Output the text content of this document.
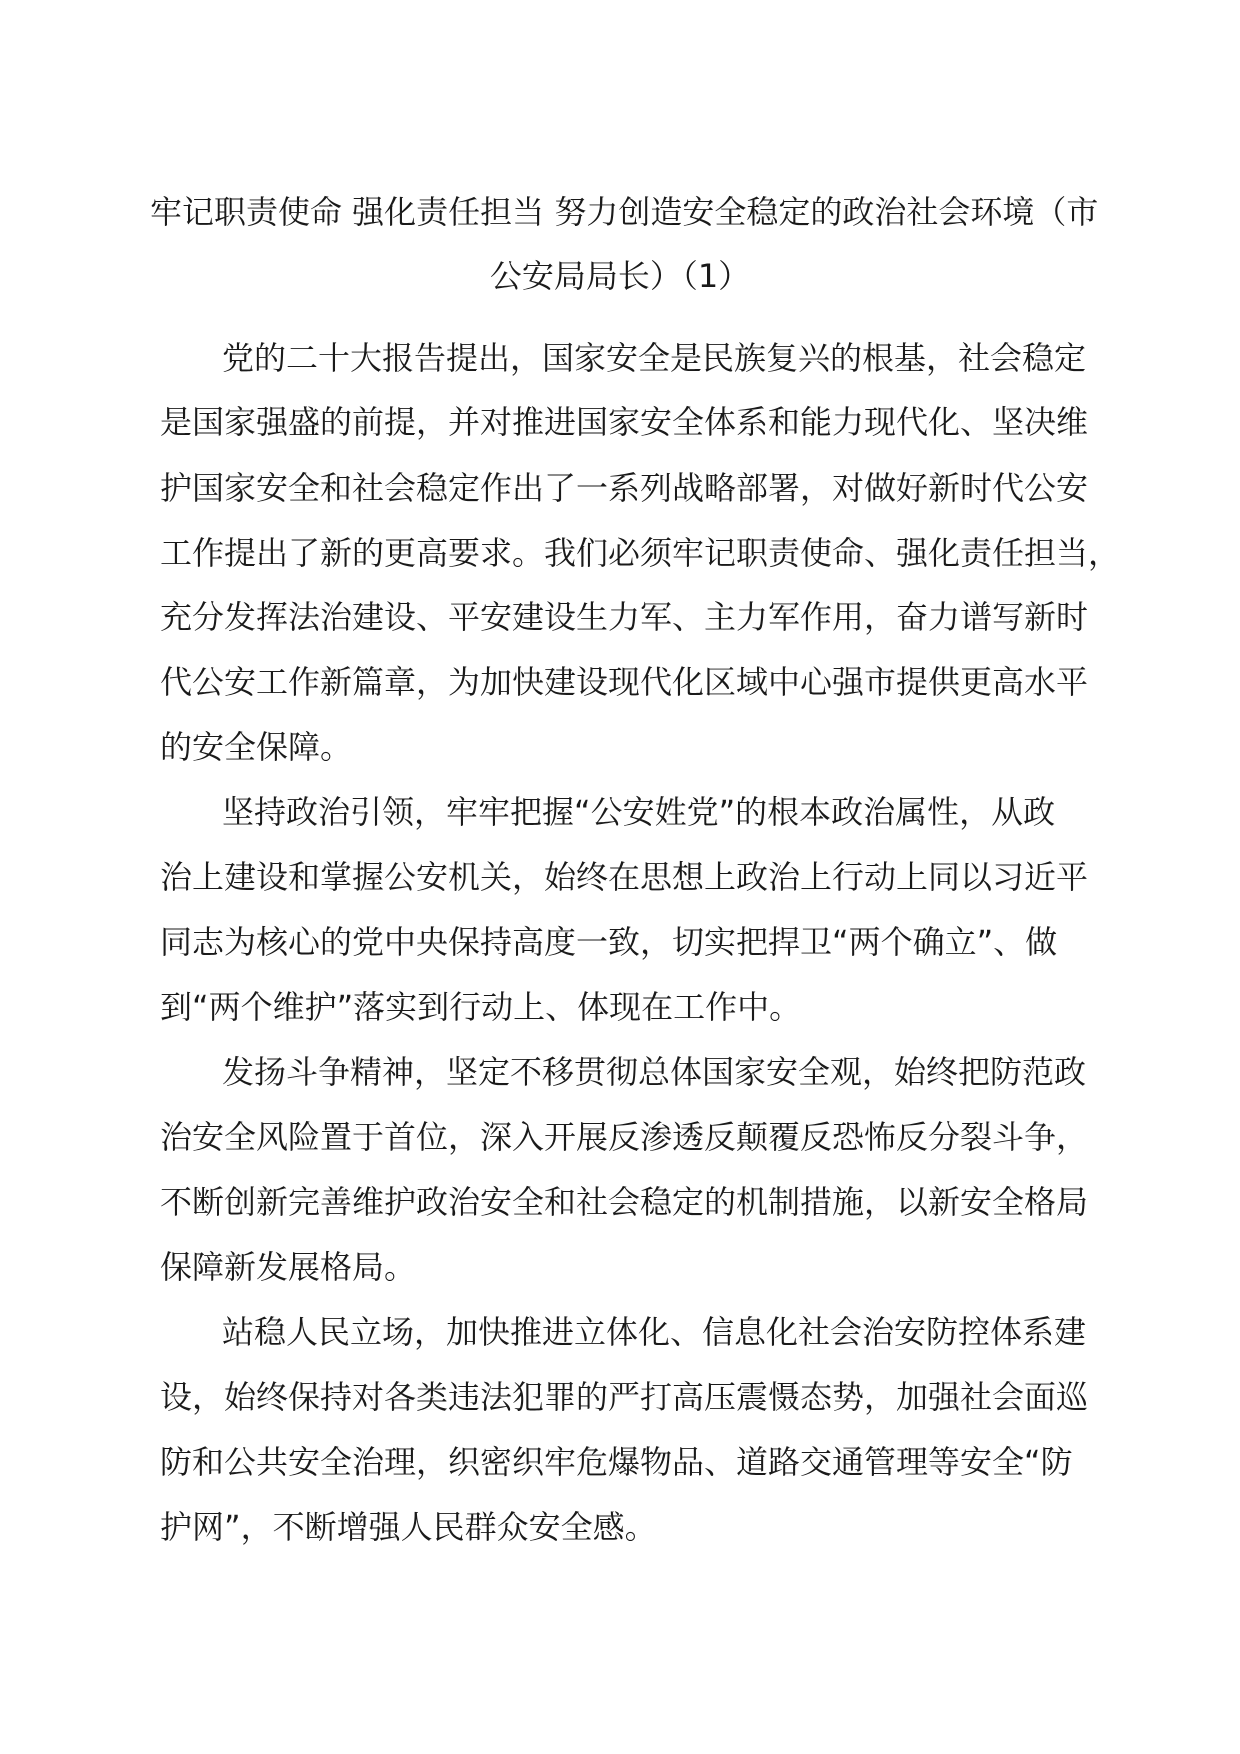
牢记职责使命 强化责任担当 努力创造安全稳定的政治社会环境（市
公安局局长）（1）
党的二十大报告提出，国家安全是民族复兴的根基，社会稳定
是国家强盛的前提，并对推进国家安全体系和能力现代化、坚决维
护国家安全和社会稳定作出了一系列战略部署，对做好新时代公安
工作提出了新的更高要求。我们必须牢记职责使命、强化责任担当，
充分发挥法治建设、平安建设生力军、主力军作用，奋力谱写新时
代公安工作新篇章，为加快建设现代化区域中心强市提供更高水平
的安全保障。
坚持政治引领，牢牢把握“公安姓党”的根本政治属性，从政
治上建设和掌握公安机关，始终在思想上政治上行动上同以习近平
同志为核心的党中央保持高度一致，切实把捍卫“两个确立”、做
到“两个维护”落实到行动上、体现在工作中。
发扬斗争精神，坚定不移贯彻总体国家安全观，始终把防范政
治安全风险置于首位，深入开展反渗透反颠覆反恐怖反分裂斗争，
不断创新完善维护政治安全和社会稳定的机制措施，以新安全格局
保障新发展格局。
站稳人民立场，加快推进立体化、信息化社会治安防控体系建
设，始终保持对各类违法犯罪的严打高压震慑态势，加强社会面巡
防和公共安全治理，织密织牢危爆物品、道路交通管理等安全“防
护网”，不断增强人民群众安全感。
